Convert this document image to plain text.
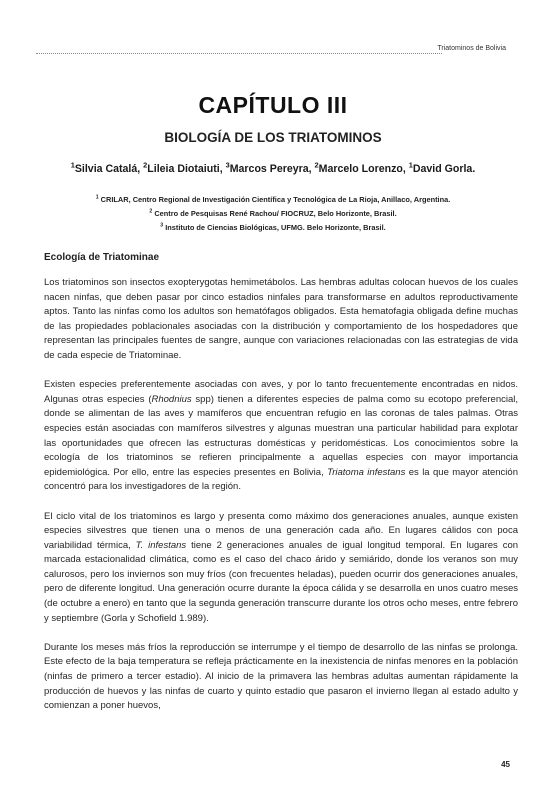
Triatominos de Bolivia
CAPÍTULO III
BIOLOGÍA DE LOS TRIATOMINOS
$^1$Silvia Catalá, $^2$Lileia Diotaiuti, $^3$Marcos Pereyra, $^2$Marcelo Lorenzo, $^1$David Gorla.
$^1$ CRILAR, Centro Regional de Investigación Científica y Tecnológica de La Rioja, Anillaco, Argentina.
$^2$ Centro de Pesquisas René Rachou/ FIOCRUZ, Belo Horizonte, Brasil.
$^3$ Instituto de Ciencias Biológicas, UFMG. Belo Horizonte, Brasil.
Ecología de Triatominae

Los triatominos son insectos exopterygotas hemimetábolos. Las hembras adultas colocan huevos de los cuales nacen ninfas, que deben pasar por cinco estadios ninfales para transformarse en adultos reproductivamente aptos. Tanto las ninfas como los adultos son hematófagos obligados. Esta hematofagia obligada define muchas de las propiedades poblacionales asociadas con la distribución y comportamiento de los hospedadores que representan las principales fuentes de sangre, aunque con variaciones relacionadas con las estrategias de vida de cada especie de Triatominae.

Existen especies preferentemente asociadas con aves, y por lo tanto frecuentemente encontradas en nidos. Algunas otras especies (Rhodnius spp) tienen a diferentes especies de palma como su ecotopo preferencial, donde se alimentan de las aves y mamíferos que encuentran refugio en las coronas de tales palmas. Otras especies están asociadas con mamíferos silvestres y algunas muestran una particular habilidad para explotar las oportunidades que ofrecen las estructuras domésticas y peridomésticas. Los conocimientos sobre la ecología de los triatominos se refieren principalmente a aquellas especies con mayor importancia epidemiológica. Por ello, entre las especies presentes en Bolivia, Triatoma infestans es la que mayor atención concentró para los investigadores de la región.

El ciclo vital de los triatominos es largo y presenta como máximo dos generaciones anuales, aunque existen especies silvestres que tienen una o menos de una generación cada año. En lugares cálidos con poca variabilidad térmica, T. infestans tiene 2 generaciones anuales de igual longitud temporal. En lugares con marcada estacionalidad climática, como es el caso del chaco árido y semiárido, donde los veranos son muy calurosos, pero los inviernos son muy fríos (con frecuentes heladas), pueden ocurrir dos generaciones anuales, pero de diferente longitud. Una generación ocurre durante la época cálida y se desarrolla en unos cuatro meses (de octubre a enero) en tanto que la segunda generación transcurre durante los otros ocho meses, entre febrero y septiembre (Gorla y Schofield 1.989).

Durante los meses más fríos la reproducción se interrumpe y el tiempo de desarrollo de las ninfas se prolonga. Este efecto de la baja temperatura se refleja prácticamente en la inexistencia de ninfas menores en la población (ninfas de primero a tercer estadio). Al inicio de la primavera las hembras adultas aumentan rápidamente la producción de huevos y las ninfas de cuarto y quinto estadio que pasaron el invierno llegan al estado adulto y comienzan a poner huevos,

45
